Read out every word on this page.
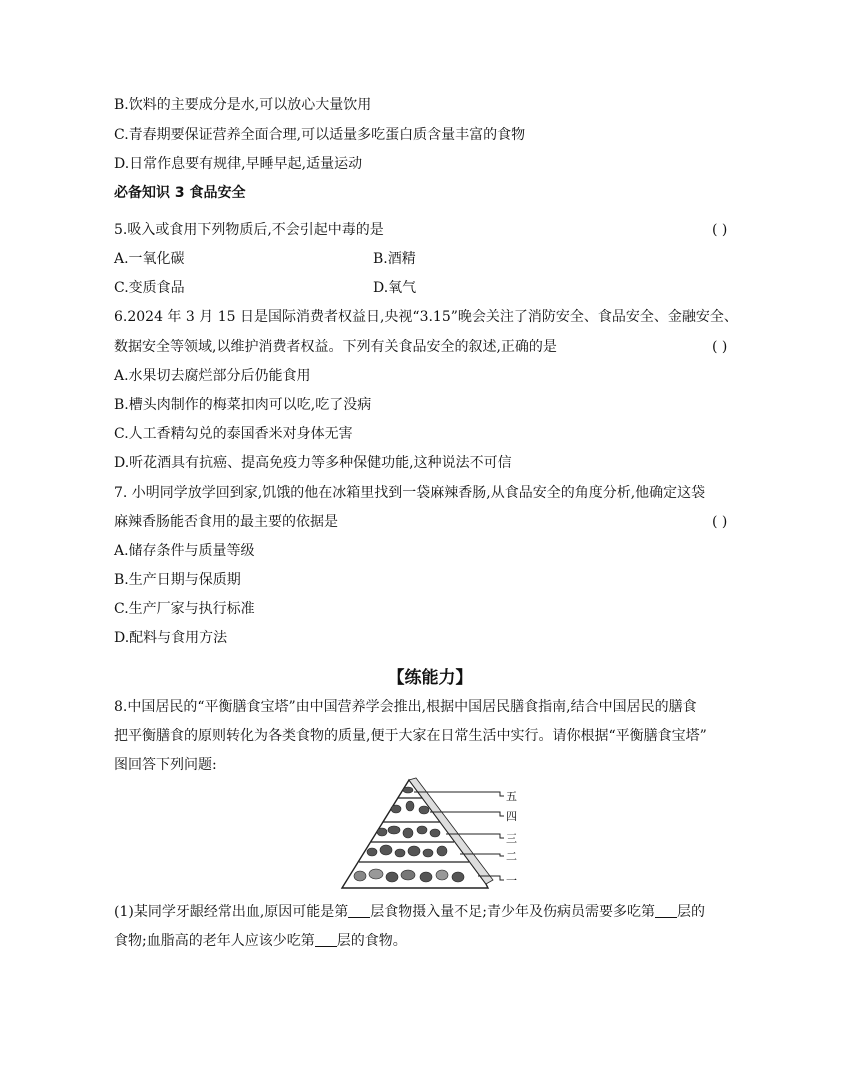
B.饮料的主要成分是水,可以放心大量饮用
C.青春期要保证营养全面合理,可以适量多吃蛋白质含量丰富的食物
D.日常作息要有规律,早睡早起,适量运动
必备知识 3 食品安全
5.吸入或食用下列物质后,不会引起中毒的是	( )
A.一氧化碳	B.酒精
C.变质食品	D.氧气
6.2024 年 3 月 15 日是国际消费者权益日,央视“3.15”晚会关注了消防安全、食品安全、金融安全、
数据安全等领域,以维护消费者权益。下列有关食品安全的叙述,正确的是	( )
A.水果切去腐烂部分后仍能食用
B.槽头肉制作的梅菜扣肉可以吃,吃了没病
C.人工香精勾兑的泰国香米对身体无害
D.听花酒具有抗癌、提高免疫力等多种保健功能,这种说法不可信
7. 小明同学放学回到家,饥饿的他在冰箱里找到一袋麻辣香肠,从食品安全的角度分析,他确定这袋
麻辣香肠能否食用的最主要的依据是	( )
A.储存条件与质量等级
B.生产日期与保质期
C.生产厂家与执行标准
D.配料与食用方法
【练能力】
8.中国居民的“平衡膳食宝塔”由中国营养学会推出,根据中国居民膳食指南,结合中国居民的膳食
把平衡膳食的原则转化为各类食物的质量,便于大家在日常生活中实行。请你根据“平衡膳食宝塔”
图回答下列问题:
五
四
三
二
一
(1)某同学牙龈经常出血,原因可能是第 层食物摄入量不足;青少年及伤病员需要多吃第 层的
食物;血脂高的老年人应该少吃第 层的食物。
